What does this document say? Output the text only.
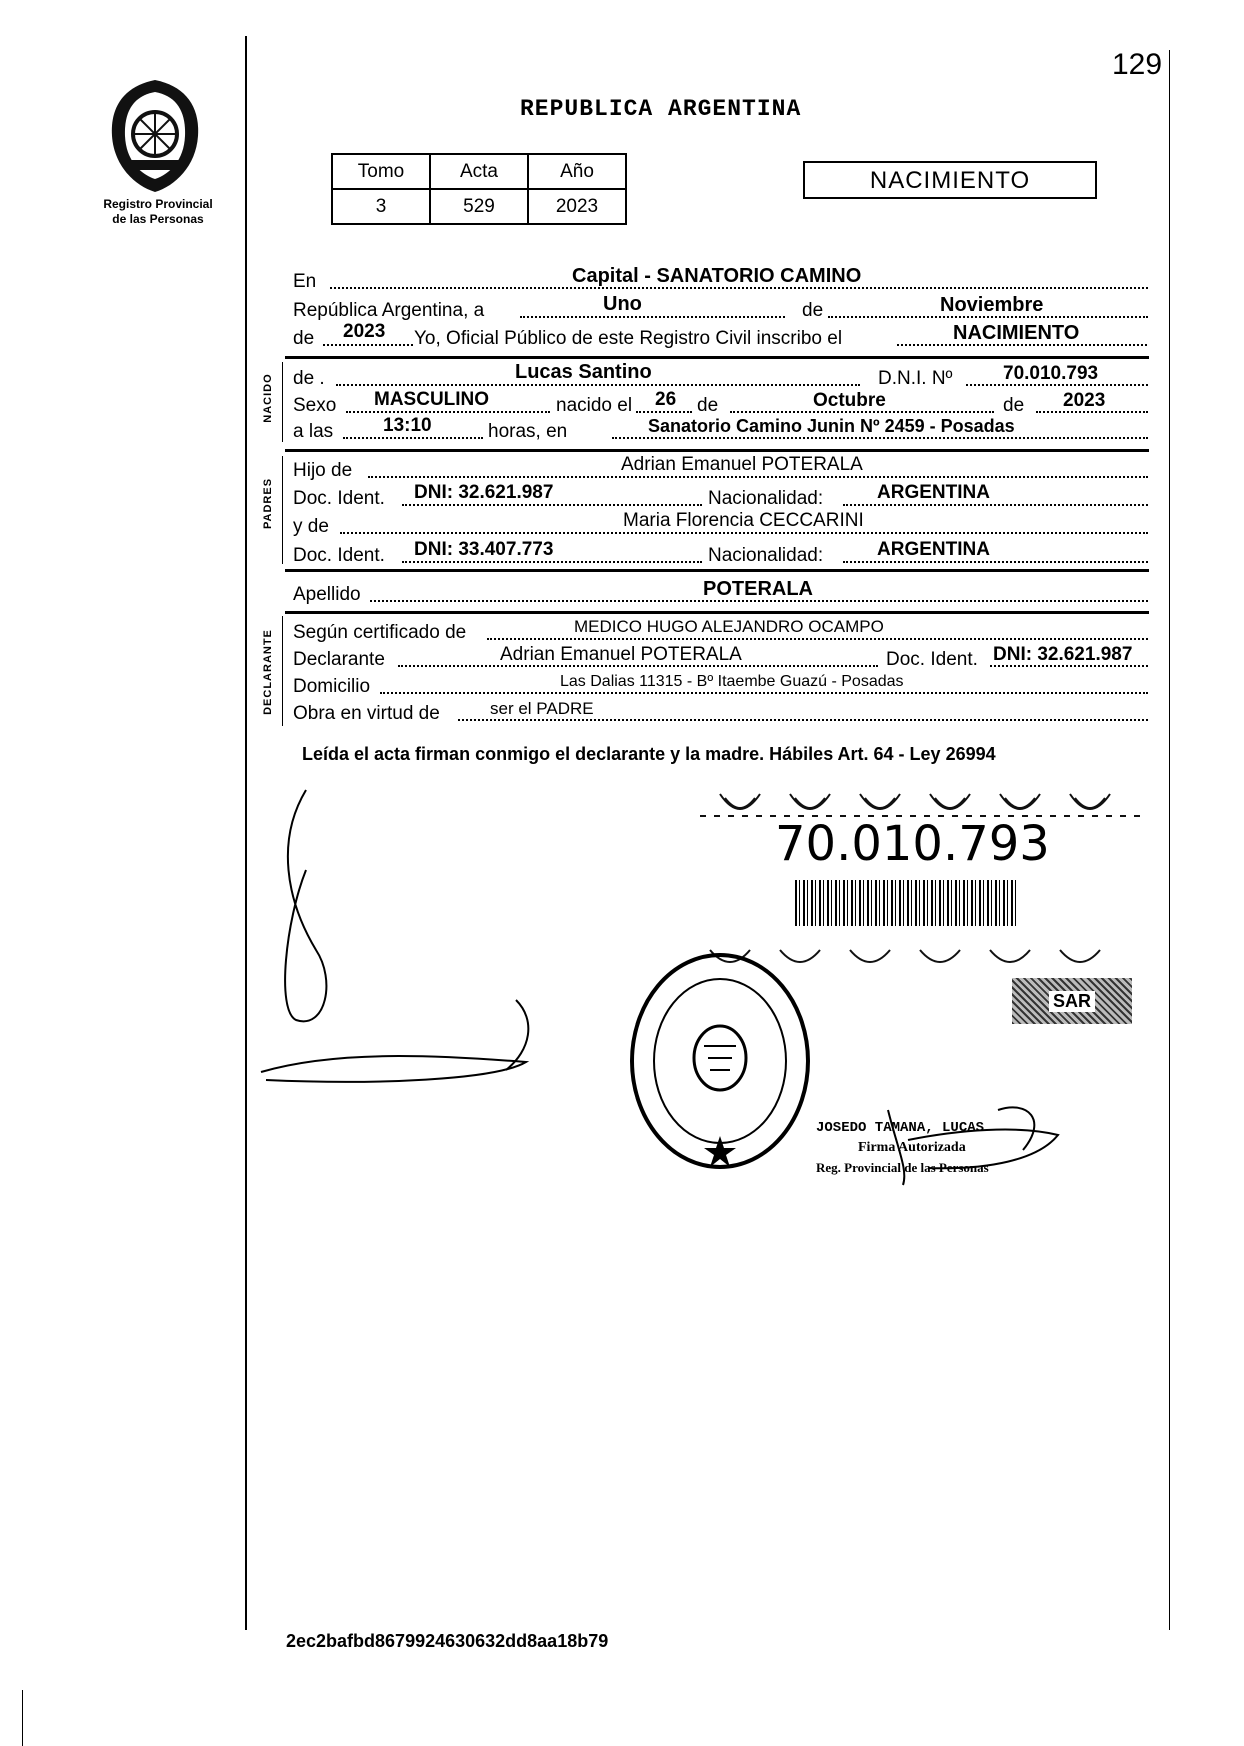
129
Registro Provincial
de las Personas
REPUBLICA ARGENTINA
Tomo	Acta	Año
3	529	2023
NACIMIENTO
En	Capital - SANATORIO CAMINO
República Argentina, a	Uno	de	Noviembre
de 2023 Yo, Oficial Público de este Registro Civil inscribo el	NACIMIENTO
NACIDO de .	Lucas Santino	D.N.I. Nº	70.010.793
Sexo MASCULINO	nacido el 26 de	Octubre	de 2023
a las	13:10	horas, en	Sanatorio Camino Junin Nº 2459 - Posadas
PADRES
Hijo de	Adrian Emanuel POTERALA
Doc. Ident. DNI: 32.621.987	Nacionalidad:	ARGENTINA
y de	Maria Florencia CECCARINI
Doc. Ident. DNI: 33.407.773	Nacionalidad:	ARGENTINA
Apellido	POTERALA
DECLARANTE Según certificado de	MEDICO HUGO ALEJANDRO OCAMPO
Declarante	Adrian Emanuel POTERALA	Doc. Ident. DNI: 32.621.987
Domicilio	Las Dalias 11315 - Bº Itaembe Guazú - Posadas
Obra en virtud de	ser el PADRE
Leída el acta firman conmigo el declarante y la madre. Hábiles Art. 64 - Ley 26994
70.010.793
SAR
JOSEDO TAMANA, LUCAS
Firma Autorizada
Reg. Provincial de las Personas
2ec2bafbd8679924630632dd8aa18b79
